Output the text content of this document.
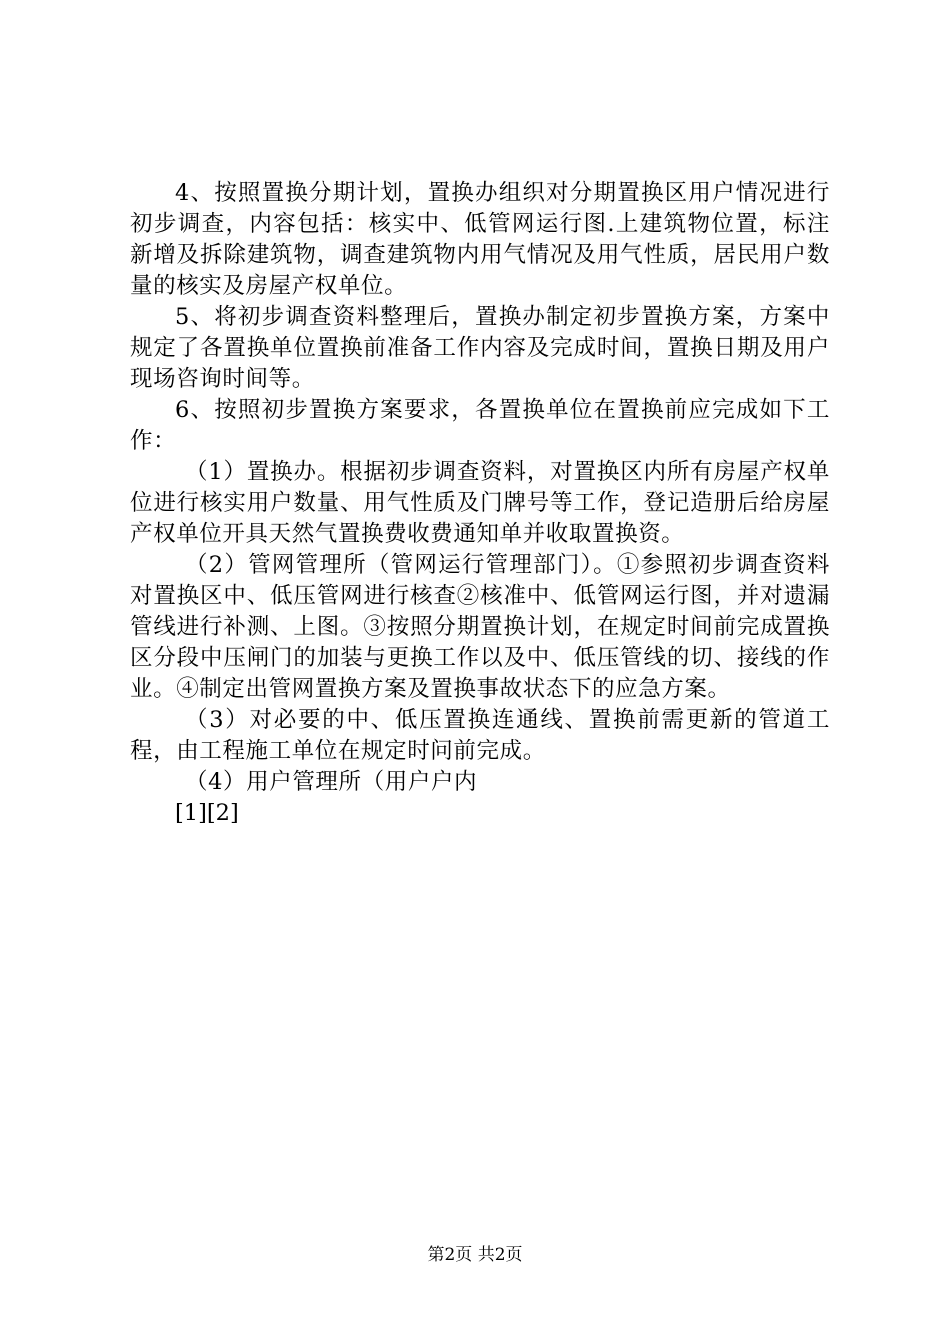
4、按照置换分期计划，置换办组织对分期置换区用户情况进行初步调查，内容包括：核实中、低管网运行图.上建筑物位置，标注新增及拆除建筑物，调查建筑物内用气情况及用气性质，居民用户数量的核实及房屋产权单位。

5、将初步调查资料整理后，置换办制定初步置换方案，方案中规定了各置换单位置换前准备工作内容及完成时间，置换日期及用户现场咨询时间等。

6、按照初步置换方案要求，各置换单位在置换前应完成如下工作：

（1）置换办。根据初步调查资料，对置换区内所有房屋产权单位进行核实用户数量、用气性质及门牌号等工作，登记造册后给房屋产权单位开具天然气置换费收费通知单并收取置换资。

（2）管网管理所（管网运行管理部门）。①参照初步调查资料对置换区中、低压管网进行核查②核准中、低管网运行图，并对遗漏管线进行补测、上图。③按照分期置换计划，在规定时间前完成置换区分段中压闸门的加装与更换工作以及中、低压管线的切、接线的作业。④制定出管网置换方案及置换事故状态下的应急方案。

（3）对必要的中、低压置换连通线、置换前需更新的管道工程，由工程施工单位在规定时问前完成。

（4）用户管理所（用户户内

[1][2]

第2页 共2页
